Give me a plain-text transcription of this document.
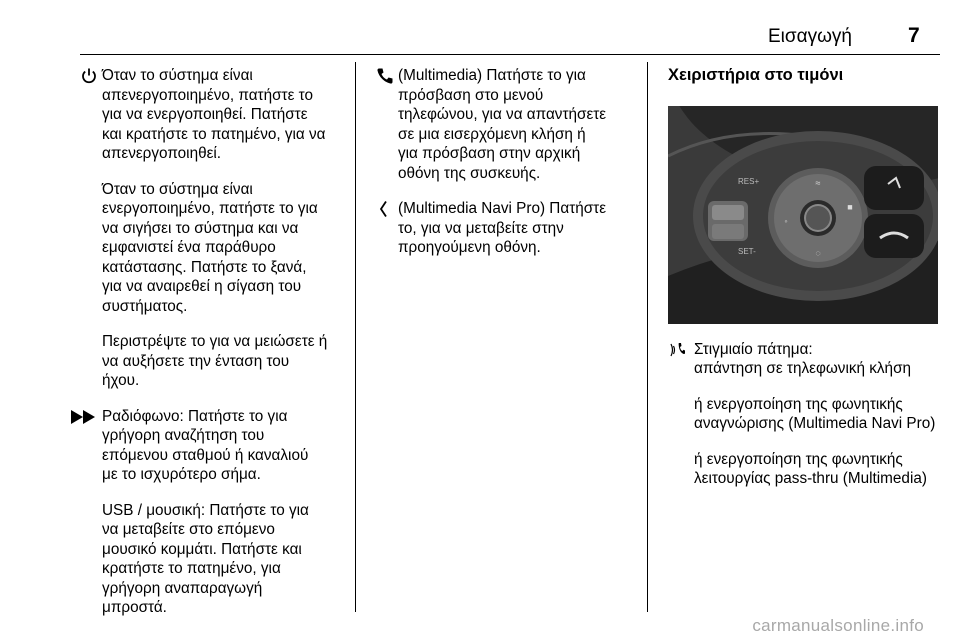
Εισαγωγή	7

Όταν το σύστημα είναι απενεργοποιημένο, πατήστε το για να ενεργοποιηθεί. Πατήστε και κρατήστε το πατημένο, για να απενεργοποιηθεί.

Όταν το σύστημα είναι ενεργοποιημένο, πατήστε το για να σιγήσει το σύστημα και να εμφανιστεί ένα παράθυρο κατάστασης. Πατήστε το ξανά, για να αναιρεθεί η σίγαση του συστήματος.

Περιστρέψτε το για να μειώσετε ή να αυξήσετε την ένταση του ήχου.

Ραδιόφωνο: Πατήστε το για γρήγορη αναζήτηση του επόμενου σταθμού ή καναλιού με το ισχυρότερο σήμα.

USB / μουσική: Πατήστε το για να μεταβείτε στο επόμενο μουσικό κομμάτι. Πατήστε και κρατήστε το πατημένο, για γρήγορη αναπαραγωγή μπροστά.

(Multimedia) Πατήστε το για πρόσβαση στο μενού τηλεφώνου, για να απαντήσετε σε μια εισερχόμενη κλήση ή για πρόσβαση στην αρχική οθόνη της συσκευής.

(Multimedia Navi Pro) Πατήστε το, για να μεταβείτε στην προηγούμενη οθόνη.

Χειριστήρια στο τιμόνι
RES+
SET-
≈
■
◦
◌

Στιγμιαίο πάτημα:
απάντηση σε τηλεφωνική κλήση

ή ενεργοποίηση της φωνητικής αναγνώρισης (Multimedia Navi Pro)

ή ενεργοποίηση της φωνητικής λειτουργίας pass-thru (Multimedia)

carmanualsonline.info
